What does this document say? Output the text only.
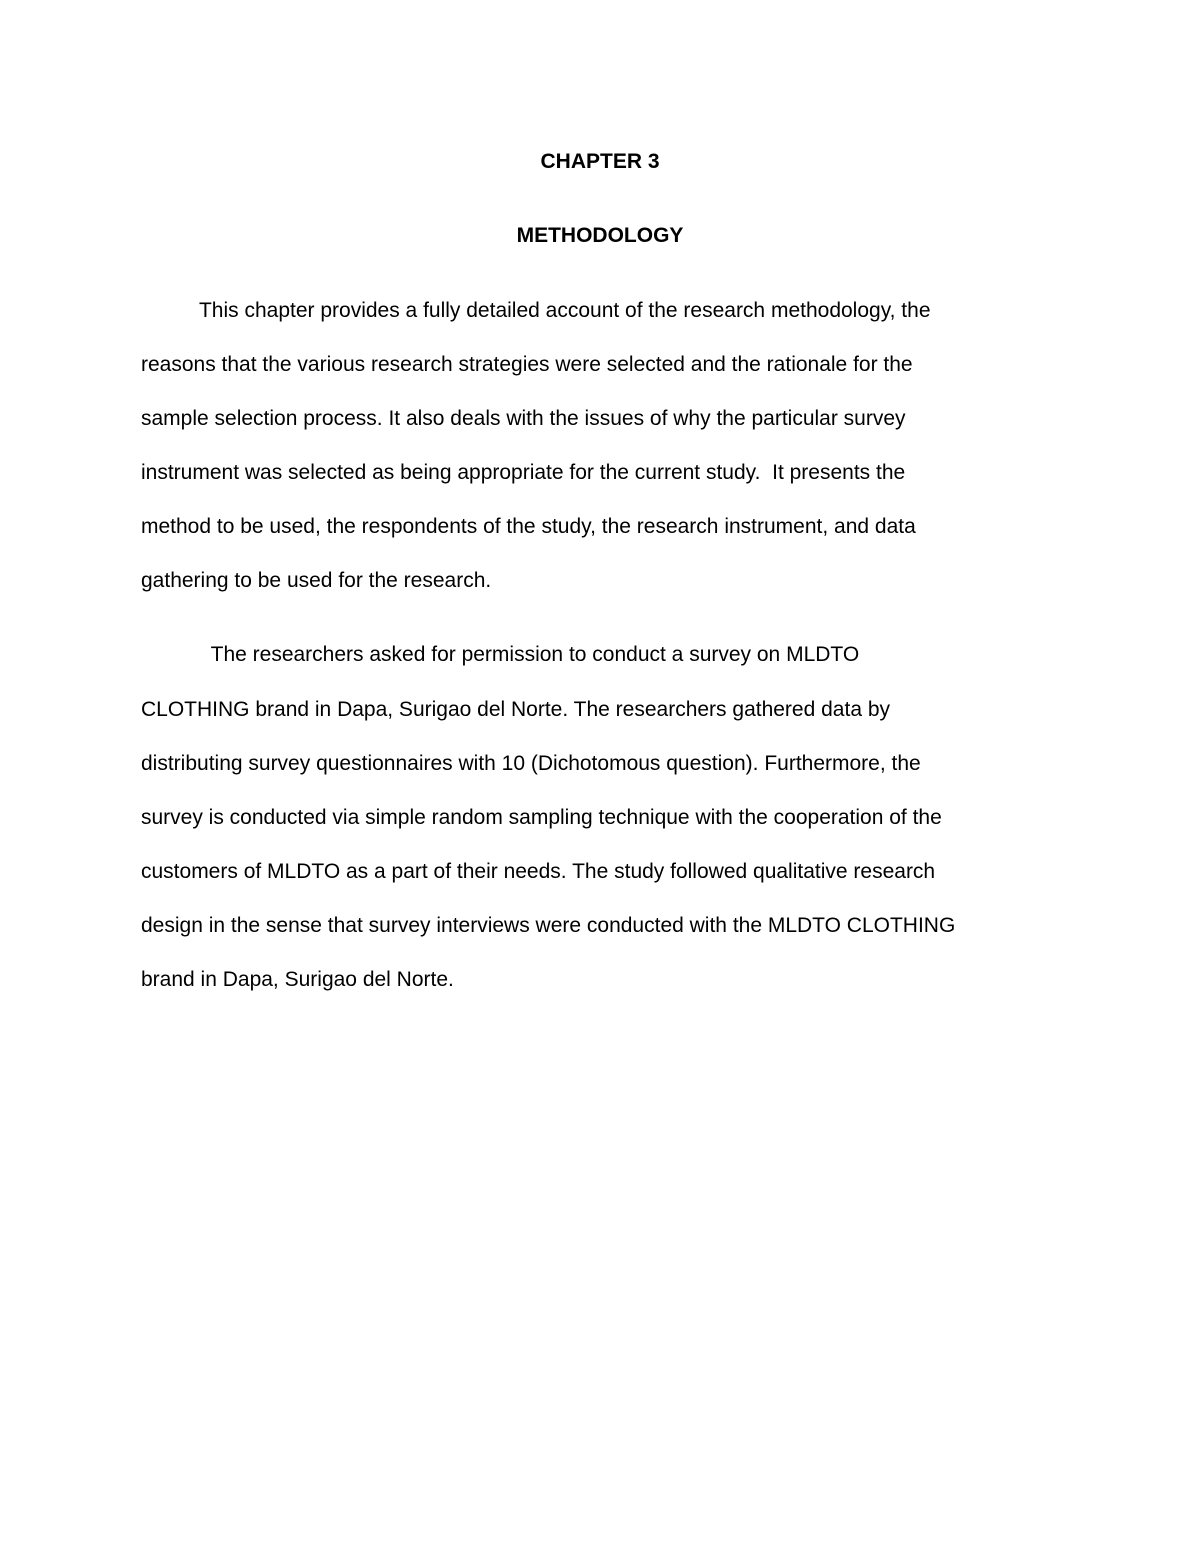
CHAPTER 3
METHODOLOGY

This chapter provides a fully detailed account of the research methodology, the

reasons that the various research strategies were selected and the rationale for the

sample selection process. It also deals with the issues of why the particular survey

instrument was selected as being appropriate for the current study.  It presents the

method to be used, the respondents of the study, the research instrument, and data

gathering to be used for the research.

The researchers asked for permission to conduct a survey on MLDTO

CLOTHING brand in Dapa, Surigao del Norte. The researchers gathered data by

distributing survey questionnaires with 10 (Dichotomous question). Furthermore, the

survey is conducted via simple random sampling technique with the cooperation of the

customers of MLDTO as a part of their needs. The study followed qualitative research

design in the sense that survey interviews were conducted with the MLDTO CLOTHING

brand in Dapa, Surigao del Norte.
